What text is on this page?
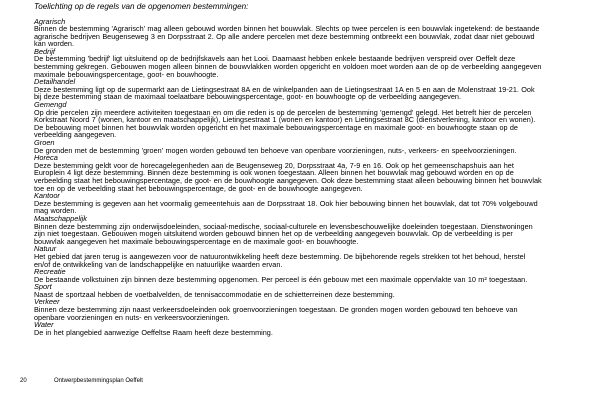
Toelichting op de regels van de opgenomen bestemmingen:
Agrarisch
Binnen de bestemming 'Agrarisch' mag alleen gebouwd worden binnen het bouwvlak. Slechts op twee percelen is een bouwvlak ingetekend: de bestaande agrarische bedrijven Beugenseweg 3 en Dorpsstraat 2. Op alle andere percelen met deze bestemming ontbreekt een bouwvlak, zodat daar niet gebouwd kan worden.
Bedrijf
De bestemming 'bedrijf' ligt uitsluitend op de bedrijfskavels aan het Looi. Daarnaast hebben enkele bestaande bedrijven verspreid over Oeffelt deze bestemming gekregen. Gebouwen mogen alleen binnen de bouwvlakken worden opgericht en voldoen moet worden aan de op de verbeelding aangegeven maximale bebouwingspercentage, goot- en bouwhoogte.
Detailhandel
Deze bestemming ligt op de supermarkt aan de Lietingsestraat 8A en de winkelpanden aan de Lietingsestraat 1A en 5 en aan de Molenstraat 19-21. Ook bij deze bestemming staan de maximaal toelaatbare bebouwingspercentage, goot- en bouwhoogte op de verbeelding aangegeven.
Gemengd
Op drie percelen zijn meerdere activiteiten toegestaan en om die reden is op de percelen de bestemming 'gemengd' gelegd. Het betreft hier de percelen Korkstraat Noord 7 (wonen, kantoor en maatschappelijk), Lietingsestraat 1 (wonen en kantoor) en Lietingsestraat 8C (dienstverlening, kantoor en wonen). De bebouwing moet binnen het bouwvlak worden opgericht en het maximale bebouwingspercentage en maximale goot- en bouwhoogte staan op de verbeelding aangegeven.
Groen
De gronden met de bestemming 'groen' mogen worden gebouwd ten behoeve van openbare voorzieningen, nuts-, verkeers- en speelvoorzieningen.
Horeca
Deze bestemming geldt voor de horecagelegenheden aan de Beugenseweg 20, Dorpsstraat 4a, 7-9 en 16. Ook op het gemeenschapshuis aan het Europlein 4 ligt deze bestemming. Binnen deze bestemming is ook wonen toegestaan. Alleen binnen het bouwvlak mag gebouwd worden en op de verbeelding staat het bebouwingspercentage, de goot- en de bouwhoogte aangegeven. Ook deze bestemming staat alleen bebouwing binnen het bouwvlak toe en op de verbeelding staat het bebouwingspercentage, de goot- en de bouwhoogte aangegeven.
Kantoor
Deze bestemming is gegeven aan het voormalig gemeentehuis aan de Dorpsstraat 18. Ook hier bebouwing binnen het bouwvlak, dat tot 70% volgebouwd mag worden.
Maatschappelijk
Binnen deze bestemming zijn onderwijsdoeleinden, sociaal-medische, sociaal-culturele en levensbeschouwelijke doeleinden toegestaan. Dienstwoningen zijn niet toegestaan. Gebouwen mogen uitsluitend worden gebouwd binnen het op de verbeelding aangegeven bouwvlak. Op de verbeelding is per bouwvlak aangegeven het maximale bebouwingspercentage en de maximale goot- en bouwhoogte.
Natuur
Het gebied dat jaren terug is aangewezen voor de natuurontwikkeling heeft deze bestemming. De bijbehorende regels strekken tot het behoud, herstel en/of de ontwikkeling van de landschappelijke en natuurlijke waarden ervan.
Recreatie
De bestaande volkstuinen zijn binnen deze bestemming opgenomen. Per perceel is één gebouw met een maximale oppervlakte van 10 m² toegestaan.
Sport
Naast de sportzaal hebben de voetbalvelden, de tennisaccommodatie en de schietterreinen deze bestemming.
Verkeer
Binnen deze bestemming zijn naast verkeersdoeleinden ook groenvoorzieningen toegestaan. De gronden mogen worden gebouwd ten behoeve van openbare voorzieningen en nuts- en verkeersvoorzieningen.
Water
De in het plangebied aanwezige Oeffeltse Raam heeft deze bestemming.
20	Ontwerpbestemmingsplan Oeffelt
